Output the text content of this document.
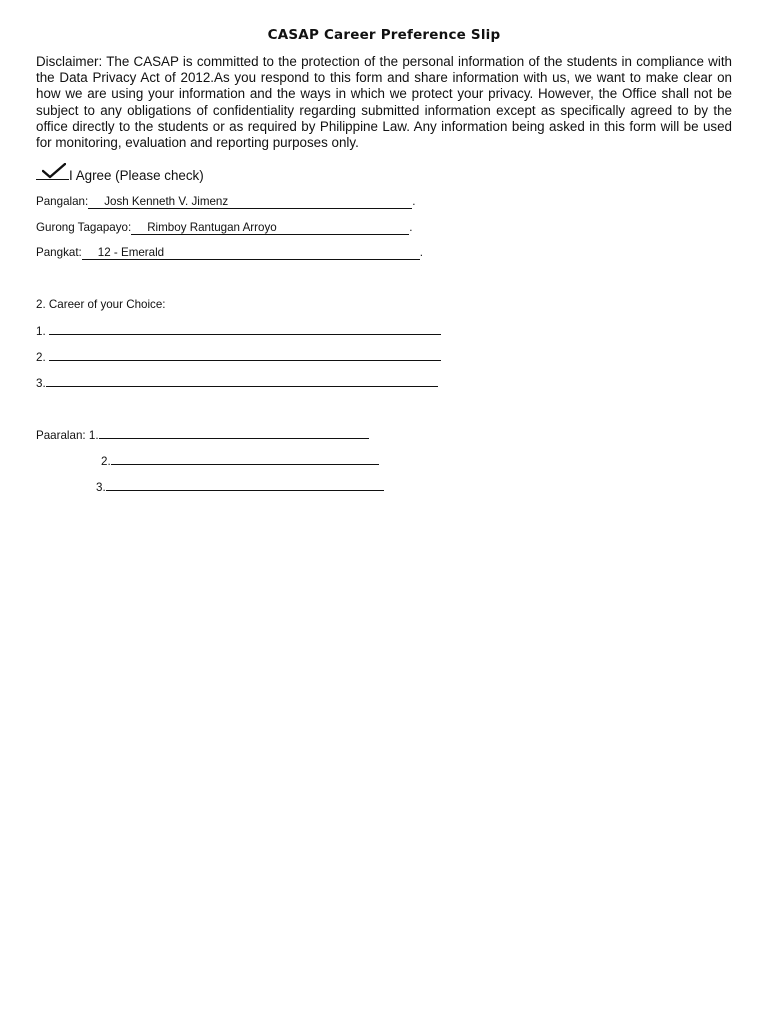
CASAP Career Preference Slip

Disclaimer: The CASAP is committed to the protection of the personal information of the students in compliance with the Data Privacy Act of 2012.As you respond to this form and share information with us, we want to make clear on how we are using your information and the ways in which we protect your privacy. However, the Office shall not be subject to any obligations of confidentiality regarding submitted information except as specifically agreed to by the office directly to the students or as required by Philippine Law. Any information being asked in this form will be used for monitoring, evaluation and reporting purposes only.

I Agree (Please check)
Pangalan: Josh Kenneth V. Jimenz	.
Gurong Tagapayo: Rimboy Rantugan Arroyo	.
Pangkat: 12 - Emerald	.
2. Career of your Choice:
1.
2.
3.
Paaralan: 1.
2.
3.
